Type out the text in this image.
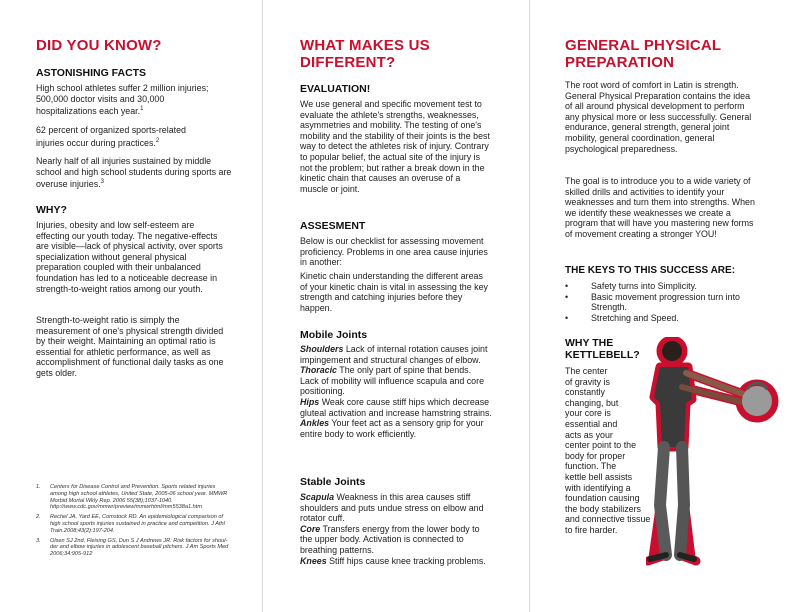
DID YOU KNOW?
ASTONISHING FACTS

High school athletes suffer 2 million injuries; 500,000 doctor visits and 30,000 hospitalizations each year.$^1$

62 percent of organized sports-related injuries occur during practices.$^2$

Nearly half of all injuries sustained by middle school and high school students during sports are overuse injuries.$^3$

WHY?

Injuries, obesity and low self-esteem are effecting our youth today. The negative-effects are visible—lack of physical activity, over sports specialization without general physical preparation coupled with their unbalanced foundation has led to a noticeable decrease in strength-to-weight ratios among our youth.

Strength-to-weight ratio is simply the measurement of one's physical strength divided by their weight. Maintaining an optimal ratio is essential for athletic performance, as well as accomplishment of functional daily tasks as one gets older.

1. Centers for Disease Control and Prevention. Sports related injuries among high school athletes, United State, 2005-06 school year. MMWR Morbid Mortal Wkly Rep. 2006 55(38);1037-1040. http://www.cdc.gov/mmwr/preview/mmwrhtml/mm5538a1.htm
2. Rechel JA, Yard EE, Comstock RD. An epidemiological comparison of high school sports injuries sustained in practice and competition. J Athl Train.2008;43(2):197-204.
3. Olsen SJ 2nd, Fleising GS, Dun S J Andrews JR: Risk factors for shoul-der and elbow injuries in adolescent baseball pitchers. J Am Sports Med 2006;34:905-912
WHAT MAKES US
DIFFERENT?
EVALUATION!

We use general and specific movement test to evaluate the athlete's strengths, weaknesses, asymmetries and mobility. The testing of one's mobility and the stability of their joints is the best way to detect the athletes risk of injury. Contrary to popular belief, the actual site of the injury is not the problem; but rather a break down in the kinetic chain that causes an overuse of a muscle or joint.

ASSESMENT

Below is our checklist for assessing movement proficiency. Problems in one area cause injuries in another:

Kinetic chain understanding the different areas of your kinetic chain is vital in assessing the key strength and catching injuries before they happen.

Mobile Joints

Shoulders Lack of internal rotation causes joint impingement and structural changes of elbow.

Thoracic The only part of spine that bends. Lack of mobility will influence scapula and core positioning.

Hips Weak core cause stiff hips which decrease gluteal activation and increase hamstring strains.

Ankles Your feet act as a sensory grip for your entire body to work efficiently.

Stable Joints

Scapula Weakness in this area causes stiff shoulders and puts undue stress on elbow and rotator cuff.

Core Transfers energy from the lower body to the upper body. Activation is connected to breathing patterns.

Knees Stiff hips cause knee tracking problems.

GENERAL PHYSICAL
PREPARATION

The root word of comfort in Latin is strength. General Physical Preparation contains the idea of all around physical development to perform any physical more or less successfully. General endurance, general strength, general joint mobility, general coordination, general psychological preparedness.

The goal is to introduce you to a wide variety of skilled drills and activities to identify your weaknesses and turn them into strengths. When we identify these weaknesses we create a program that will have you mastering new forms of movement creating a stronger YOU!

THE KEYS TO THIS SUCCESS ARE:
•	Safety turns into Simplicity.
•	Basic movement progression turn into Strength.
•	Stretching and Speed.
WHY THE
KETTLEBELL?
The center
of gravity is
constantly
changing, but
your core is
essential and
acts as your
center point to the
body for proper
function. The
kettle bell assists
with identifying a
foundation causing
the body stabilizers
and connective tissue
to fire harder.
